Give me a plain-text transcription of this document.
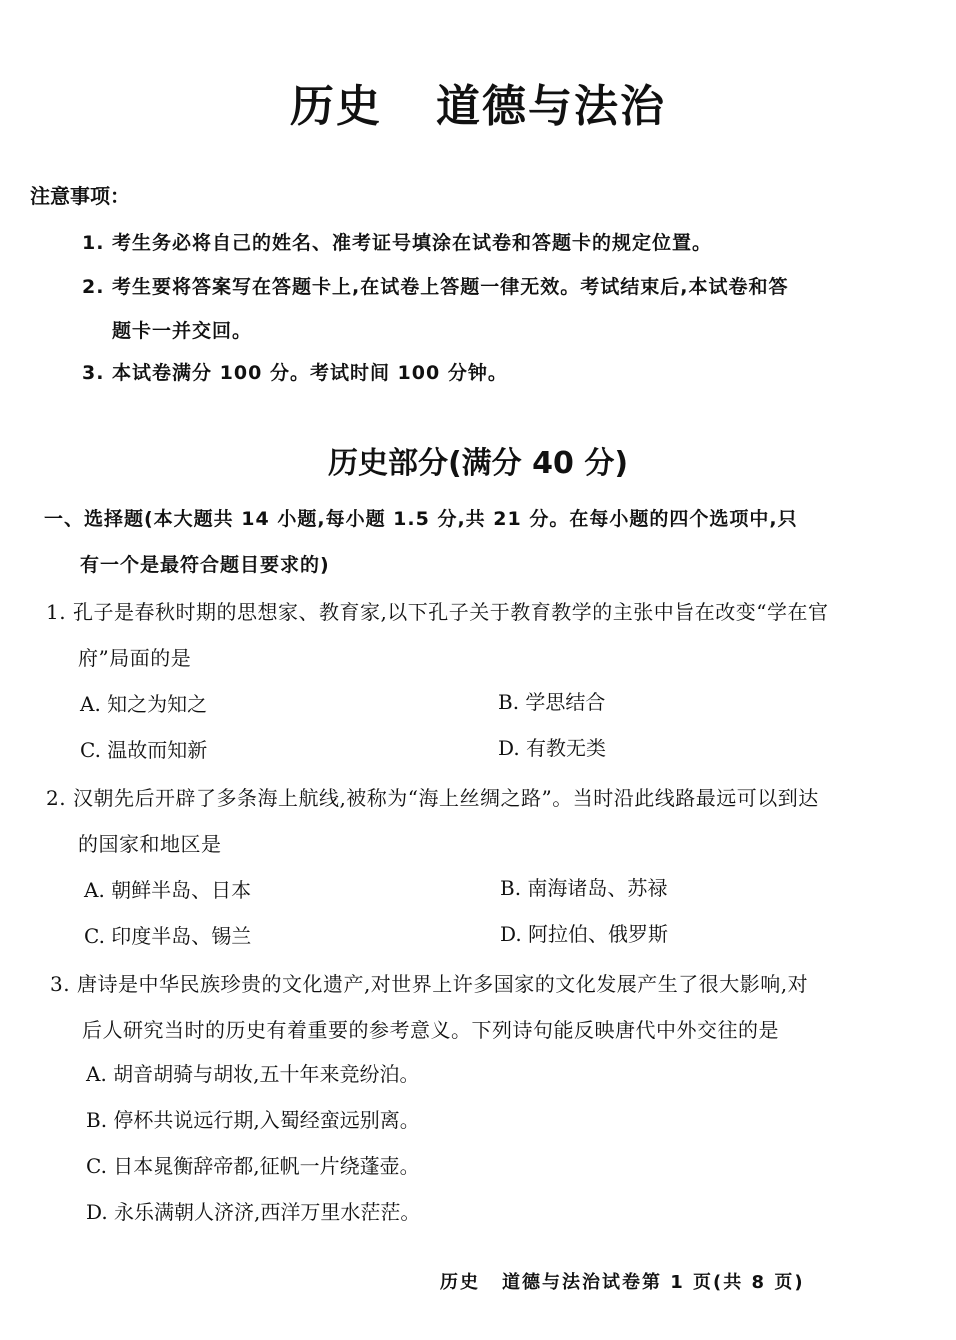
历史 道德与法治
注意事项：
1. 考生务必将自己的姓名、准考证号填涂在试卷和答题卡的规定位置。
2. 考生要将答案写在答题卡上,在试卷上答题一律无效。考试结束后,本试卷和答
题卡一并交回。
3. 本试卷满分 100 分。考试时间 100 分钟。
历史部分(满分 40 分)
一、选择题(本大题共 14 小题,每小题 1.5 分,共 21 分。在每小题的四个选项中,只
有一个是最符合题目要求的)
1. 孔子是春秋时期的思想家、教育家,以下孔子关于教育教学的主张中旨在改变“学在官
府”局面的是
A. 知之为知之	B. 学思结合
C. 温故而知新	D. 有教无类
2. 汉朝先后开辟了多条海上航线,被称为“海上丝绸之路”。当时沿此线路最远可以到达
的国家和地区是
A. 朝鲜半岛、日本	B. 南海诸岛、苏禄
C. 印度半岛、锡兰	D. 阿拉伯、俄罗斯
3. 唐诗是中华民族珍贵的文化遗产,对世界上许多国家的文化发展产生了很大影响,对
后人研究当时的历史有着重要的参考意义。下列诗句能反映唐代中外交往的是
A. 胡音胡骑与胡妆,五十年来竞纷泊。
B. 停杯共说远行期,入蜀经蛮远别离。
C. 日本晁衡辞帝都,征帆一片绕蓬壶。
D. 永乐满朝人济济,西洋万里水茫茫。
历史 道德与法治试卷第 1 页(共 8 页)
